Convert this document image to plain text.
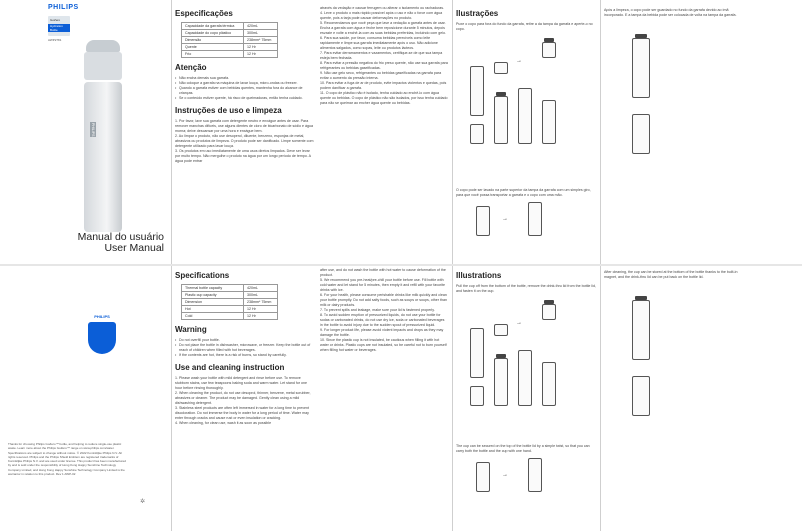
PHILIPS
GoZero
Hydration Bottle
AWP2781
PHILIPS
Manual do usuário
User Manual
Especificações
Capacidade da garrafa térmica	420mL
Capacidade do copo plástico	300mL
Dimensão	238mm* 75mm
Quente	12 Hr
Frio	12 Hr
Atenção
• Não encha demais sua garrafa.
• Não coloque a garrafa na máquina de lavar louça, micro-ondas ou freezer.
• Quando a garrafa estiver com bebidas quentes, mantenha fora do alcance de crianças.
• Se o conteúdo estiver quente, há risco de queimaduras, então tenha cuidado.
Instruções de uso e limpeza
1. Por favor, lave sua garrafa com detergente neutro e enxágue antes de usar. Para remover manchas difíceis, use alguns dientes de cloro de bicarbonato de sódio e água morna; deixe descansar por uma hora e enxágue bem.
2. Ao limpar o produto, não use desoperol, diluente, benzeno, esponjas de metal, abrasivos ou produtos de limpeza. O produto pode ser danificado. Limpe somente com detergente utilizado para lavar louça.
3. Os produtos em uso imediatamente de uma usos diretos limpados. Deve ser levar por muito tempo. Não mergulhe o produto na água por um longo período de tempo. A água pode entrar
através da vedação e causar ferrugem ou alterar o isolamento ou rachaduras.
4. Leve o produto o mais rápido possível após o uso e não o force com água quente, pois a tarja pode causar deformações no produto.
5. Recomendamos que você peça que lave a vedação a garrafa antes de usar. Encha a garrafa com água e feche bem reposicione durante 5 minutos, depois esvazie e volte a enchê-la com as suas bebidas preferidas, incluindo com gelo.
6. Para sua saúde, por favor, consuma bebidas perecíveis como leite rapidamente e limpe sua garrafa imediatamente após o uso. Não adicione alimentos salgados, como sopas, leite ou produtos lácteos.
7. Para evitar derramamentos e vazamentos, certifique-se de que sua tampa esteja bem fechada.
8. Para evitar a pressão negativa do frio preso quente, não use sua garrafa para refrigerantes ou bebidas gaseificadas.
9. Não use gelo seco, refrigerantes ou bebidas gaseificadas na garrafa para evitar o aumento da pressão interna.
10. Para evitar a fuga de ar de produto, evite impactos violentos e quedas, pois podem danificar a garrafa.
11. O copo de plástico não é isolado, tenha cuidado ao enchê-lo com água quente ou bebidas. O copo de plástico não são isolados, por isso tenha cuidado para não se queimar ao encher água quente ou bebidas.
Ilustrações
Puxe o copo para fora do fundo da garrafa, retire a da tampa da garrafa e aperte-o no copo.
→
O copo pode ser lavado na parte superior da tampa da garrafa com um simples giro, para que você possa transportar a garrafa e o copo com uma mão.
→
Após a limpeza, o copo pode ser guardado no fundo da garrafa devido ao ímã incorporado. E a tampa da bebida pode ser colocada de volta na tampa da garrafa.
PHILIPS
Thanks for choosing Philips GoZero™ bottle, and helping to reduce single-use plastic waste. Learn more about the Philips GoZero™ range on www.philips.com/water. Specifications are subject to change without notice. © 2022 Koninklijke Philips N.V. All rights reserved. Philips and the Philips Shield Emblem are registered trademarks of Koninklijke Philips N.V. and are used under license. This product has been manufactured by and is sold under the responsibility of Hong Kong Happy Sunshine Technology Company Limited, and Hong Kong Happy Sunshine Technology Company Limited is the warrantor in relation to this product. Rev 1 AWP-02
✲
Specifications
Thermal bottle capacity	420mL
Plastic cup capacity	300mL
Dimension	238mm* 75mm
Hot	12 Hr
Cold	12 Hr
Warning
• Do not overfill your bottle.
• Do not place the bottle in dishwasher, microwave, or freezer. Keep the bottle out of reach of children when filled with hot beverages.
• If the contents are hot, there is a risk of burns, so stand by carefully.
Use and cleaning instruction
1. Please wash your bottle with mild detergent and rinse before use. To remove stubborn stains, use few teaspoons baking soda and warm water. Let stand for one hour before rinsing thoroughly.
2. When cleaning the product, do not use desoprol, thinner, benzene, metal scrubber, abrasives or cleaner. The product may be damaged. Gently clean using a mild dishwashing detergent.
3. Stainless steel products are often left immersed in water for a long time to prevent discoloration. Do not immerse the body in water for a long period of time. Water may enter through cracks and cause rust or even insulation or cracking.
4. When cleaning, for clean use, wash it as soon as possible
after use, and do not wash the bottle with hot water to cause deformation of the product.
5. We recommend you pre-heat/pre-chill your bottle before use. Fill bottle with cold water and let stand for 5 minutes, then empty it and refill with your favorite drinks with ice.
6. For your health, please consume perishable drinks like milk quickly and clean your bottle promptly. Do not add salty foods, such as soups or soups, other than milk or dairy products.
7. To prevent spills and leakage, make sure your lid is fastened properly.
8. To avoid sudden eruption of pressurized liquids, do not use your bottle for sodas or carbonated drinks, do not use dry ice, soda or carbonated beverages in the bottle to avoid injury due to the sudden spout of pressurized liquid.
9. For longer product life, please avoid violent impacts and drops as they may damage the bottle.
10. Since the plastic cup is not insulated, be cautious when filling it with hot water or drinks. Plastic cups are not insulated, so be careful not to burn yourself when filling hot water or beverages.
Illustrations
Pull the cup off from the bottom of the bottle, remove the drink-thru lid from the bottle lid, and fasten it on the cup.
→
The cup can be secured on the top of the bottle lid by a simple twist, so that you can carry both the bottle and the cup with one hand.
→
After cleaning, the cup can be stored at the bottom of the bottle thanks to the built-in magnet, and the drink-thru lid can be put back on the bottle lid.
